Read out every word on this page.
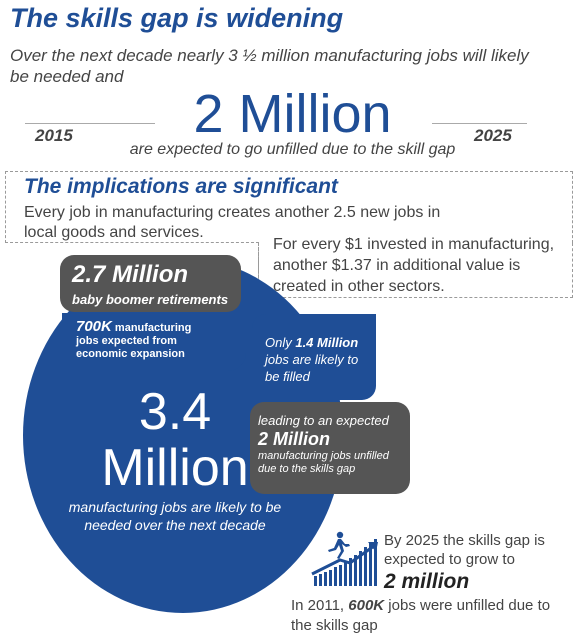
The skills gap is widening
Over the next decade nearly 3 ½ million manufacturing jobs will likely be needed and
2015	2 Million	2025
are expected to go unfilled due to the skill gap
The implications are significant
Every job in manufacturing creates another 2.5 new jobs in local goods and services.
For every $1 invested in manufacturing, another $1.37 in additional value is created in other sectors.
700K manufacturing
jobs expected from
economic expansion
2.7 Million
baby boomer retirements
+
Only 1.4 Million jobs are likely to be filled
leading to an expected
2 Million
manufacturing jobs unfilled due to the skills gap
3.4
Million
manufacturing jobs are likely to be needed over the next decade
By 2025 the skills gap is expected to grow to
2 million
In 2011, 600K jobs were unfilled due to the skills gap
